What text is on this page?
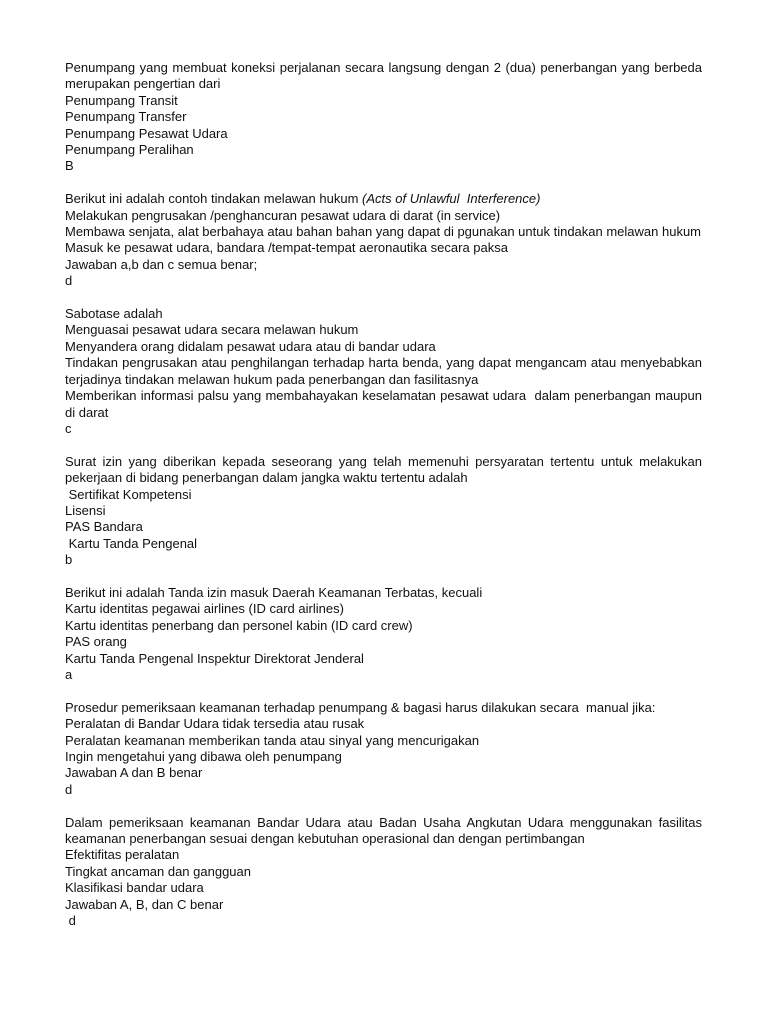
Penumpang yang membuat koneksi perjalanan secara langsung dengan 2 (dua) penerbangan yang berbeda merupakan pengertian dari
Penumpang Transit
Penumpang Transfer
Penumpang Pesawat Udara
Penumpang Peralihan
B
Berikut ini adalah contoh tindakan melawan hukum (Acts of Unlawful  Interference)
Melakukan pengrusakan /penghancuran pesawat udara di darat (in service)
Membawa senjata, alat berbahaya atau bahan bahan yang dapat di pgunakan untuk tindakan melawan hukum
Masuk ke pesawat udara, bandara /tempat-tempat aeronautika secara paksa
Jawaban a,b dan c semua benar;
d
Sabotase adalah
Menguasai pesawat udara secara melawan hukum
Menyandera orang didalam pesawat udara atau di bandar udara
Tindakan pengrusakan atau penghilangan terhadap harta benda, yang dapat mengancam atau menyebabkan terjadinya tindakan melawan hukum pada penerbangan dan fasilitasnya
Memberikan informasi palsu yang membahayakan keselamatan pesawat udara  dalam penerbangan maupun di darat
c
Surat izin yang diberikan kepada seseorang yang telah memenuhi persyaratan tertentu untuk melakukan pekerjaan di bidang penerbangan dalam jangka waktu tertentu adalah
Sertifikat Kompetensi
Lisensi
PAS Bandara
Kartu Tanda Pengenal
b
Berikut ini adalah Tanda izin masuk Daerah Keamanan Terbatas, kecuali
Kartu identitas pegawai airlines (ID card airlines)
Kartu identitas penerbang dan personel kabin (ID card crew)
PAS orang
Kartu Tanda Pengenal Inspektur Direktorat Jenderal
a
Prosedur pemeriksaan keamanan terhadap penumpang & bagasi harus dilakukan secara  manual jika:
Peralatan di Bandar Udara tidak tersedia atau rusak
Peralatan keamanan memberikan tanda atau sinyal yang mencurigakan
Ingin mengetahui yang dibawa oleh penumpang
Jawaban A dan B benar
d
Dalam pemeriksaan keamanan Bandar Udara atau Badan Usaha Angkutan Udara menggunakan fasilitas keamanan penerbangan sesuai dengan kebutuhan operasional dan dengan pertimbangan
Efektifitas peralatan
Tingkat ancaman dan gangguan
Klasifikasi bandar udara
Jawaban A, B, dan C benar
d
